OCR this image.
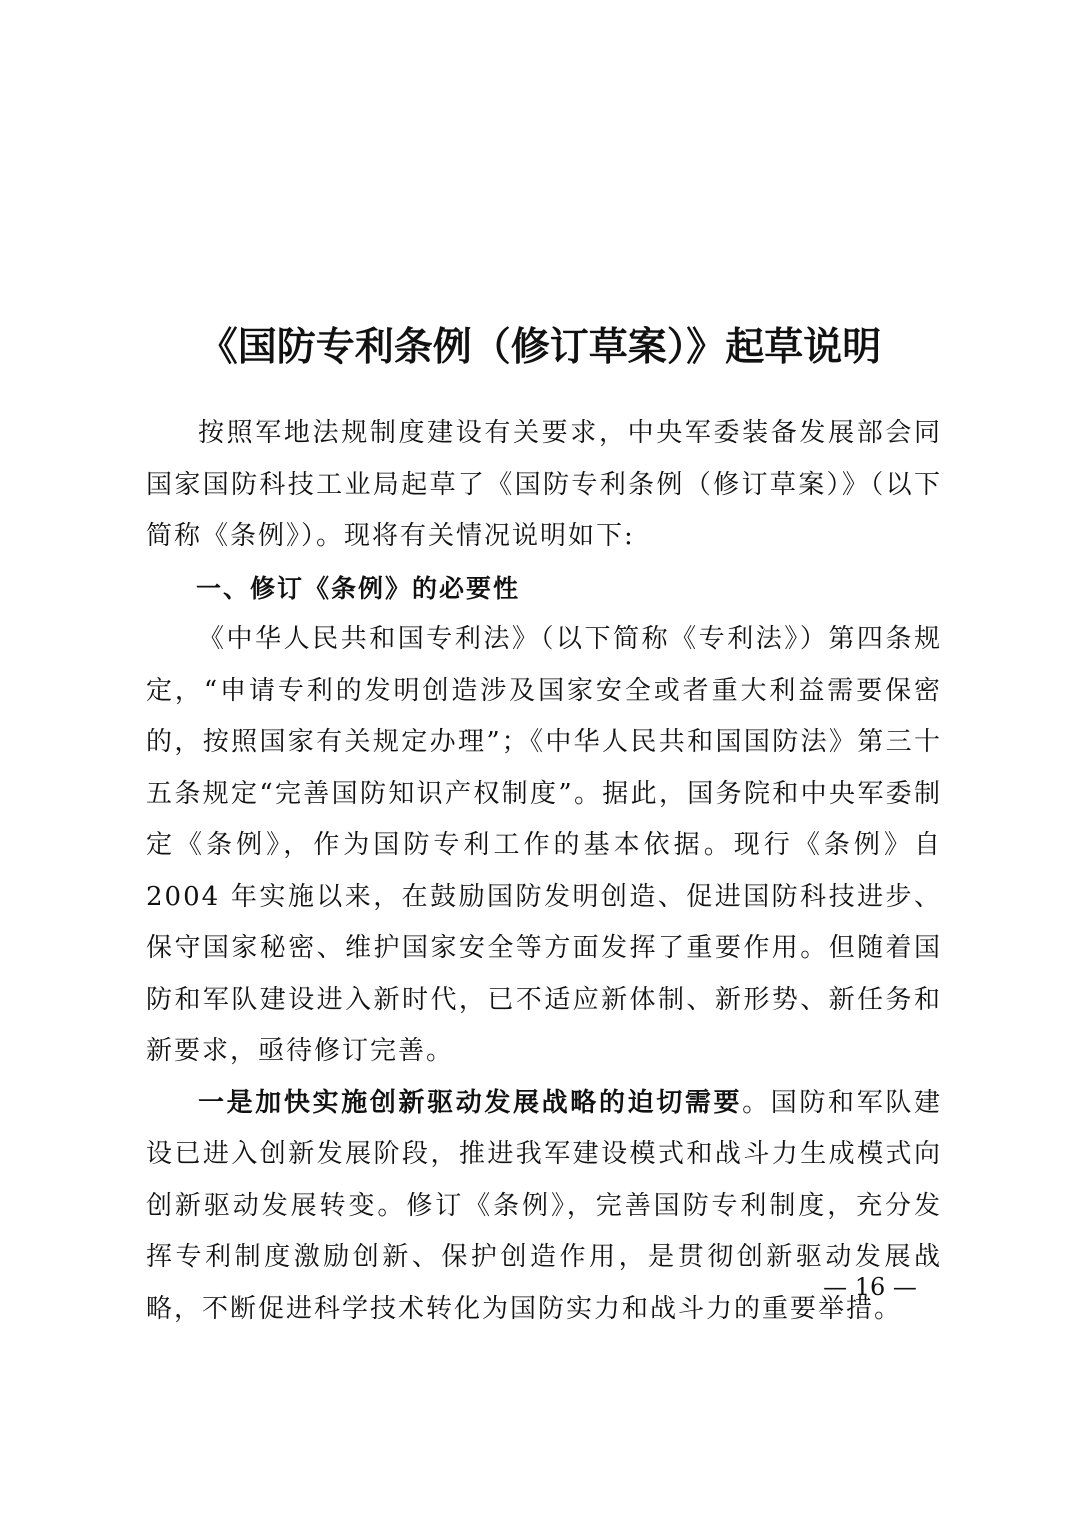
《国防专利条例（修订草案）》起草说明

按照军地法规制度建设有关要求，中央军委装备发展部会同国家国防科技工业局起草了《国防专利条例（修订草案）》（以下简称《条例》）。现将有关情况说明如下:

一、修订《条例》的必要性

《中华人民共和国专利法》（以下简称《专利法》）第四条规定，“申请专利的发明创造涉及国家安全或者重大利益需要保密的，按照国家有关规定办理”；《中华人民共和国国防法》第三十五条规定“完善国防知识产权制度”。据此，国务院和中央军委制定《条例》，作为国防专利工作的基本依据。现行《条例》自 2004 年实施以来，在鼓励国防发明创造、促进国防科技进步、保守国家秘密、维护国家安全等方面发挥了重要作用。但随着国防和军队建设进入新时代，已不适应新体制、新形势、新任务和新要求，亟待修订完善。

一是加快实施创新驱动发展战略的迫切需要。国防和军队建设已进入创新发展阶段，推进我军建设模式和战斗力生成模式向创新驱动发展转变。修订《条例》，完善国防专利制度，充分发挥专利制度激励创新、保护创造作用，是贯彻创新驱动发展战略，不断促进科学技术转化为国防实力和战斗力的重要举措。

— 16 —
